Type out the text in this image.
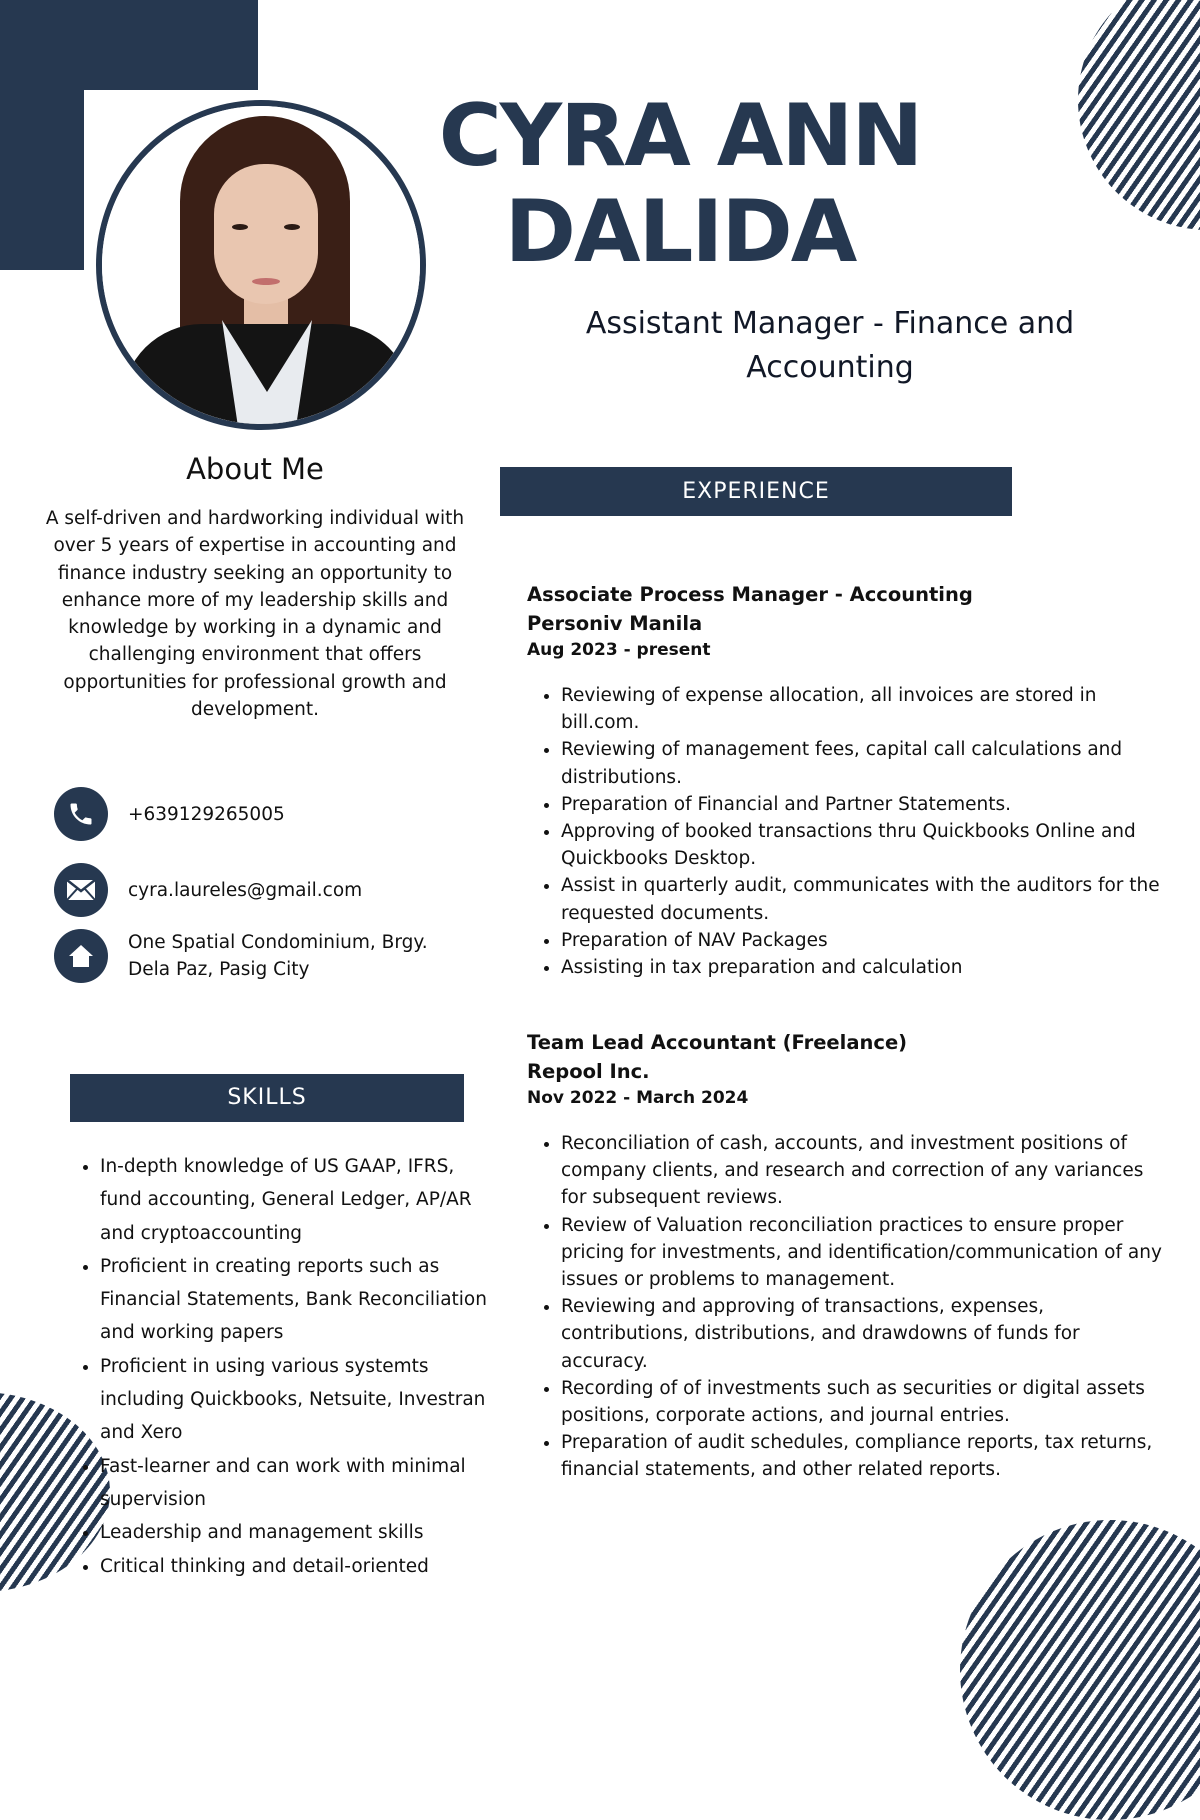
CYRA ANN
DALIDA

Assistant Manager - Finance and Accounting

About Me

A self-driven and hardworking individual with over 5 years of expertise in accounting and finance industry seeking an opportunity to enhance more of my leadership skills and knowledge by working in a dynamic and challenging environment that offers opportunities for professional growth and development.

+639129265005
cyra.laureles@gmail.com
One Spatial Condominium, Brgy. Dela Paz, Pasig City
SKILLS
• In-depth knowledge of US GAAP, IFRS, fund accounting, General Ledger, AP/AR and cryptoaccounting
• Proficient in creating reports such as Financial Statements, Bank Reconciliation and working papers
• Proficient in using various systemts including Quickbooks, Netsuite, Investran and Xero
• Fast-learner and can work with minimal supervision
• Leadership and management skills
• Critical thinking and detail-oriented
EXPERIENCE

Associate Process Manager - Accounting

Personiv Manila

Aug 2023 - present

• Reviewing of expense allocation, all invoices are stored in bill.com.
• Reviewing of management fees, capital call calculations and distributions.
• Preparation of Financial and Partner Statements.
• Approving of booked transactions thru Quickbooks Online and Quickbooks Desktop.
• Assist in quarterly audit, communicates with the auditors for the requested documents.
• Preparation of NAV Packages
• Assisting in tax preparation and calculation

Team Lead Accountant (Freelance)

Repool Inc.

Nov 2022 - March 2024

• Reconciliation of cash, accounts, and investment positions of company clients, and research and correction of any variances for subsequent reviews.
• Review of Valuation reconciliation practices to ensure proper pricing for investments, and identification/communication of any issues or problems to management.
• Reviewing and approving of transactions, expenses, contributions, distributions, and drawdowns of funds for accuracy.
• Recording of of investments such as securities or digital assets positions, corporate actions, and journal entries.
• Preparation of audit schedules, compliance reports, tax returns, financial statements, and other related reports.
